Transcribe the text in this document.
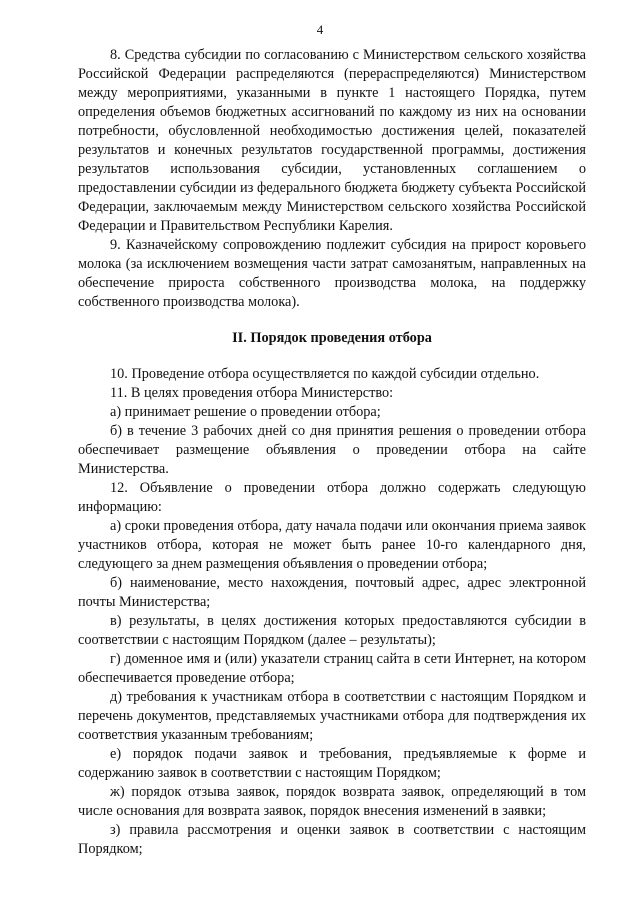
4

8. Средства субсидии по согласованию с Министерством сельского хозяйства Российской Федерации распределяются (перераспределяются) Министерством между мероприятиями, указанными в пункте 1 настоящего Порядка, путем определения объемов бюджетных ассигнований по каждому из них на основании потребности, обусловленной необходимостью достижения целей, показателей результатов и конечных результатов государственной программы, достижения результатов использования субсидии, установленных соглашением о предоставлении субсидии из федерального бюджета бюджету субъекта Российской Федерации, заключаемым между Министерством сельского хозяйства Российской Федерации и Правительством Республики Карелия.

9. Казначейскому сопровождению подлежит субсидия на прирост коровьего молока (за исключением возмещения части затрат самозанятым, направленных на обеспечение прироста собственного производства молока, на поддержку собственного производства молока).

II. Порядок проведения отбора

10. Проведение отбора осуществляется по каждой субсидии отдельно.

11. В целях проведения отбора Министерство:

а) принимает решение о проведении отбора;

б) в течение 3 рабочих дней со дня принятия решения о проведении отбора обеспечивает размещение объявления о проведении отбора на сайте Министерства.

12. Объявление о проведении отбора должно содержать следующую информацию:

а) сроки проведения отбора, дату начала подачи или окончания приема заявок участников отбора, которая не может быть ранее 10-го календарного дня, следующего за днем размещения объявления о проведении отбора;

б) наименование, место нахождения, почтовый адрес, адрес электронной почты Министерства;

в) результаты, в целях достижения которых предоставляются субсидии в соответствии с настоящим Порядком (далее – результаты);

г) доменное имя и (или) указатели страниц сайта в сети Интернет, на котором обеспечивается проведение отбора;

д) требования к участникам отбора в соответствии с настоящим Порядком и перечень документов, представляемых участниками отбора для подтверждения их соответствия указанным требованиям;

е) порядок подачи заявок и требования, предъявляемые к форме и содержанию заявок в соответствии с настоящим Порядком;

ж) порядок отзыва заявок, порядок возврата заявок, определяющий в том числе основания для возврата заявок, порядок внесения изменений в заявки;

з) правила рассмотрения и оценки заявок в соответствии с настоящим Порядком;
